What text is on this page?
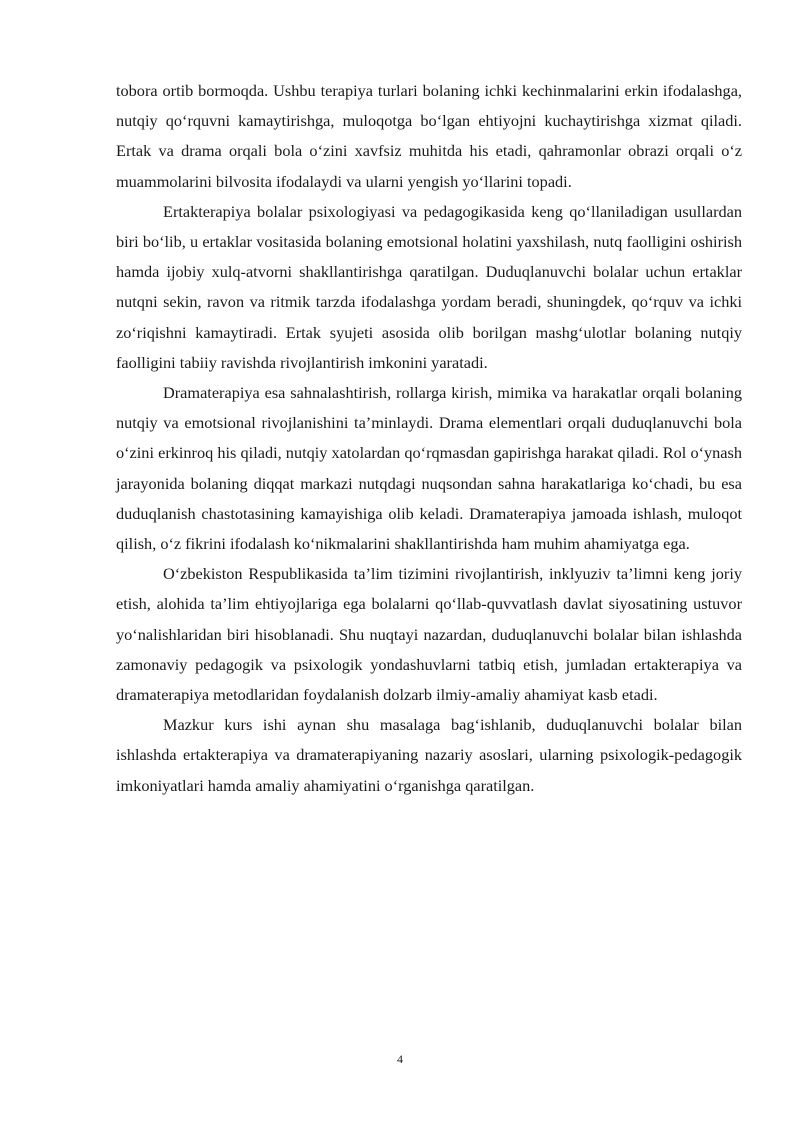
tobora ortib bormoqda. Ushbu terapiya turlari bolaning ichki kechinmalarini erkin ifodalashga, nutqiy qo‘rquvni kamaytirishga, muloqotga bo‘lgan ehtiyojni kuchaytirishga xizmat qiladi. Ertak va drama orqali bola o‘zini xavfsiz muhitda his etadi, qahramonlar obrazi orqali o‘z muammolarini bilvosita ifodalaydi va ularni yengish yo‘llarini topadi.

Ertakterapiya bolalar psixologiyasi va pedagogikasida keng qo‘llaniladigan usullardan biri bo‘lib, u ertaklar vositasida bolaning emotsional holatini yaxshilash, nutq faolligini oshirish hamda ijobiy xulq-atvorni shakllantirishga qaratilgan. Duduqlanuvchi bolalar uchun ertaklar nutqni sekin, ravon va ritmik tarzda ifodalashga yordam beradi, shuningdek, qo‘rquv va ichki zo‘riqishni kamaytiradi. Ertak syujeti asosida olib borilgan mashg‘ulotlar bolaning nutqiy faolligini tabiiy ravishda rivojlantirish imkonini yaratadi.

Dramaterapiya esa sahnalashtirish, rollarga kirish, mimika va harakatlar orqali bolaning nutqiy va emotsional rivojlanishini ta’minlaydi. Drama elementlari orqali duduqlanuvchi bola o‘zini erkinroq his qiladi, nutqiy xatolardan qo‘rqmasdan gapirishga harakat qiladi. Rol o‘ynash jarayonida bolaning diqqat markazi nutqdagi nuqsondan sahna harakatlariga ko‘chadi, bu esa duduqlanish chastotasining kamayishiga olib keladi. Dramaterapiya jamoada ishlash, muloqot qilish, o‘z fikrini ifodalash ko‘nikmalarini shakllantirishda ham muhim ahamiyatga ega.

O‘zbekiston Respublikasida ta’lim tizimini rivojlantirish, inklyuziv ta’limni keng joriy etish, alohida ta’lim ehtiyojlariga ega bolalarni qo‘llab-quvvatlash davlat siyosatining ustuvor yo‘nalishlaridan biri hisoblanadi. Shu nuqtayi nazardan, duduqlanuvchi bolalar bilan ishlashda zamonaviy pedagogik va psixologik yondashuvlarni tatbiq etish, jumladan ertakterapiya va dramaterapiya metodlaridan foydalanish dolzarb ilmiy-amaliy ahamiyat kasb etadi.

Mazkur kurs ishi aynan shu masalaga bag‘ishlanib, duduqlanuvchi bolalar bilan ishlashda ertakterapiya va dramaterapiyaning nazariy asoslari, ularning psixologik-pedagogik imkoniyatlari hamda amaliy ahamiyatini o‘rganishga qaratilgan.

4
